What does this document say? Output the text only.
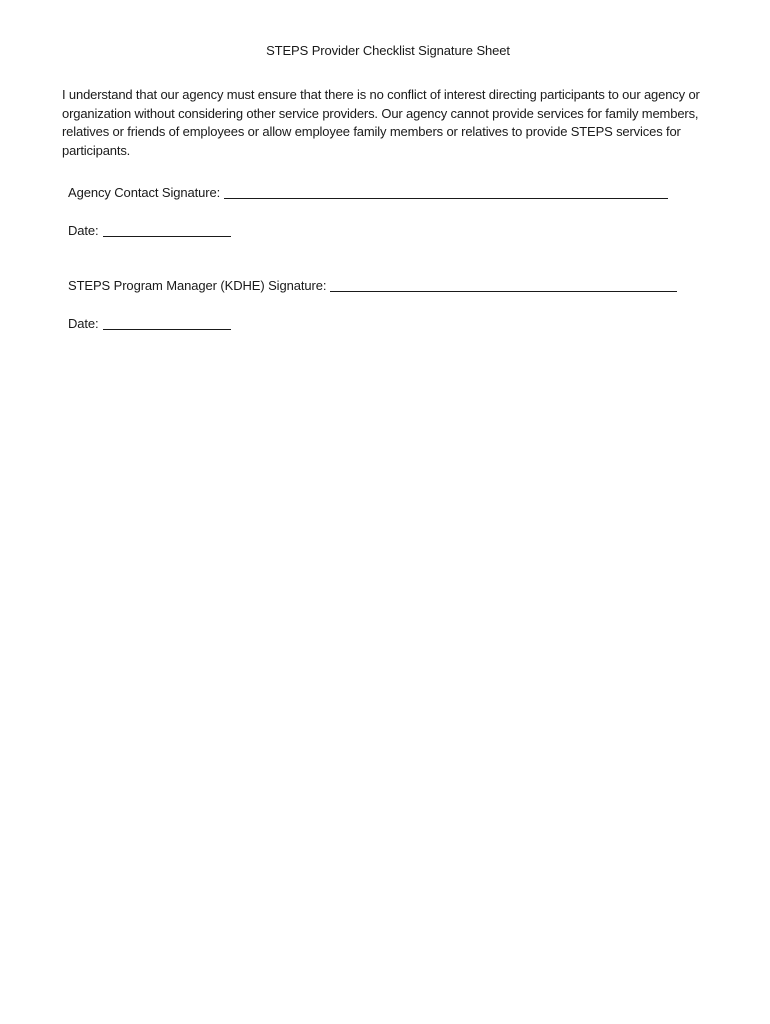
STEPS Provider Checklist Signature Sheet

I understand that our agency must ensure that there is no conflict of interest directing participants to our agency or organization without considering other service providers. Our agency cannot provide services for family members, relatives or friends of employees or allow employee family members or relatives to provide STEPS services for participants.

Agency Contact Signature:
Date:
STEPS Program Manager (KDHE) Signature:
Date:
